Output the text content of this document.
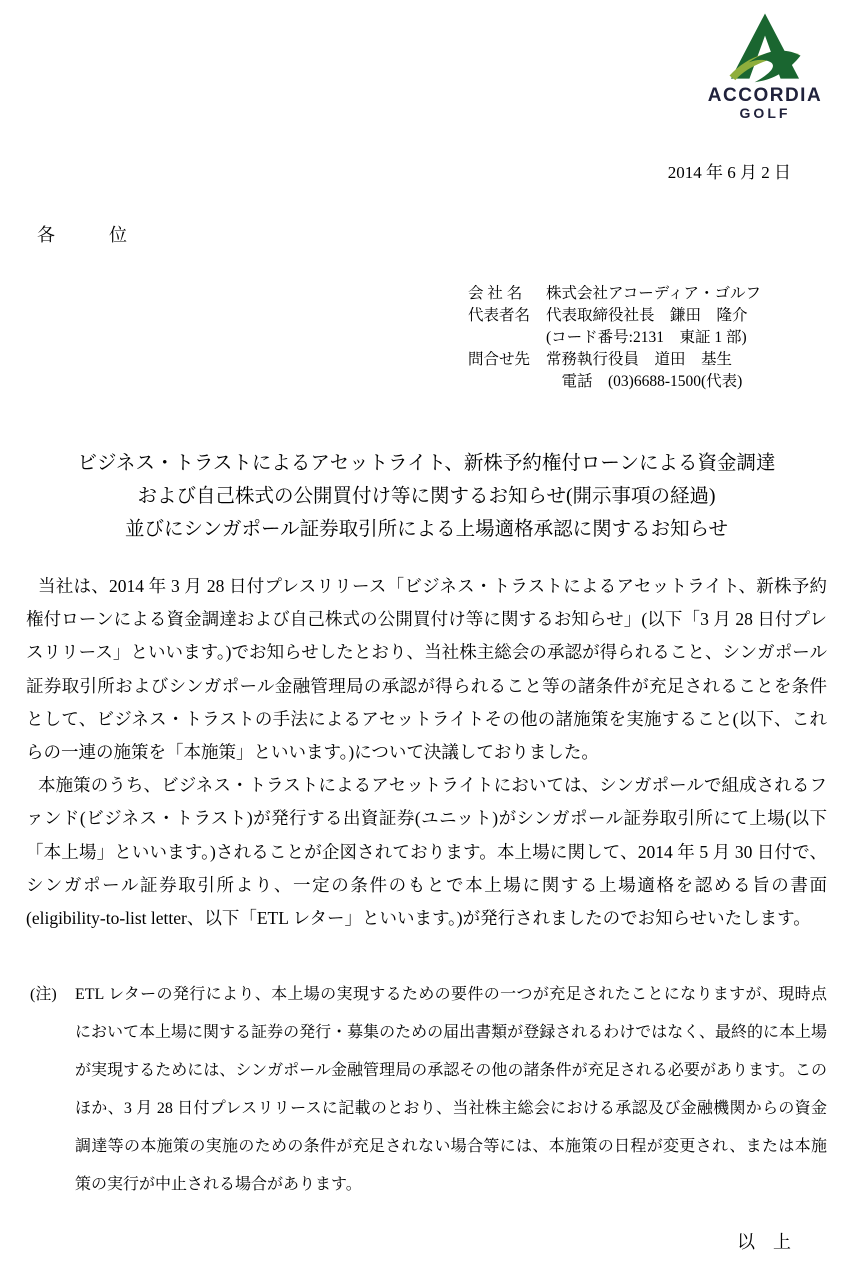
ACCORDIA
GOLF
2014 年 6 月 2 日
各　　　位
会 社 名	株式会社アコーディア・ゴルフ
代表者名	代表取締役社長　鎌田　隆介
(コード番号:2131　東証 1 部)
問合せ先	常務執行役員　道田　基生
　電話　(03)6688-1500(代表)
ビジネス・トラストによるアセットライト、新株予約権付ローンによる資金調達
および自己株式の公開買付け等に関するお知らせ(開示事項の経過)
並びにシンガポール証券取引所による上場適格承認に関するお知らせ

当社は、2014 年 3 月 28 日付プレスリリース「ビジネス・トラストによるアセットライト、新株予約権付ローンによる資金調達および自己株式の公開買付け等に関するお知らせ」(以下「3 月 28 日付プレスリリース」といいます。)でお知らせしたとおり、当社株主総会の承認が得られること、シンガポール証券取引所およびシンガポール金融管理局の承認が得られること等の諸条件が充足されることを条件として、ビジネス・トラストの手法によるアセットライトその他の諸施策を実施すること(以下、これらの一連の施策を「本施策」といいます。)について決議しておりました。

本施策のうち、ビジネス・トラストによるアセットライトにおいては、シンガポールで組成されるファンド(ビジネス・トラスト)が発行する出資証券(ユニット)がシンガポール証券取引所にて上場(以下「本上場」といいます。)されることが企図されております。本上場に関して、2014 年 5 月 30 日付で、シンガポール証券取引所より、一定の条件のもとで本上場に関する上場適格を認める旨の書面(eligibility-to-list letter、以下「ETL レター」といいます。)が発行されましたのでお知らせいたします。

(注)	ETL レターの発行により、本上場の実現するための要件の一つが充足されたことになりますが、現時点において本上場に関する証券の発行・募集のための届出書類が登録されるわけではなく、最終的に本上場が実現するためには、シンガポール金融管理局の承認その他の諸条件が充足される必要があります。このほか、3 月 28 日付プレスリリースに記載のとおり、当社株主総会における承認及び金融機関からの資金調達等の本施策の実施のための条件が充足されない場合等には、本施策の日程が変更され、または本施策の実行が中止される場合があります。
以　上
